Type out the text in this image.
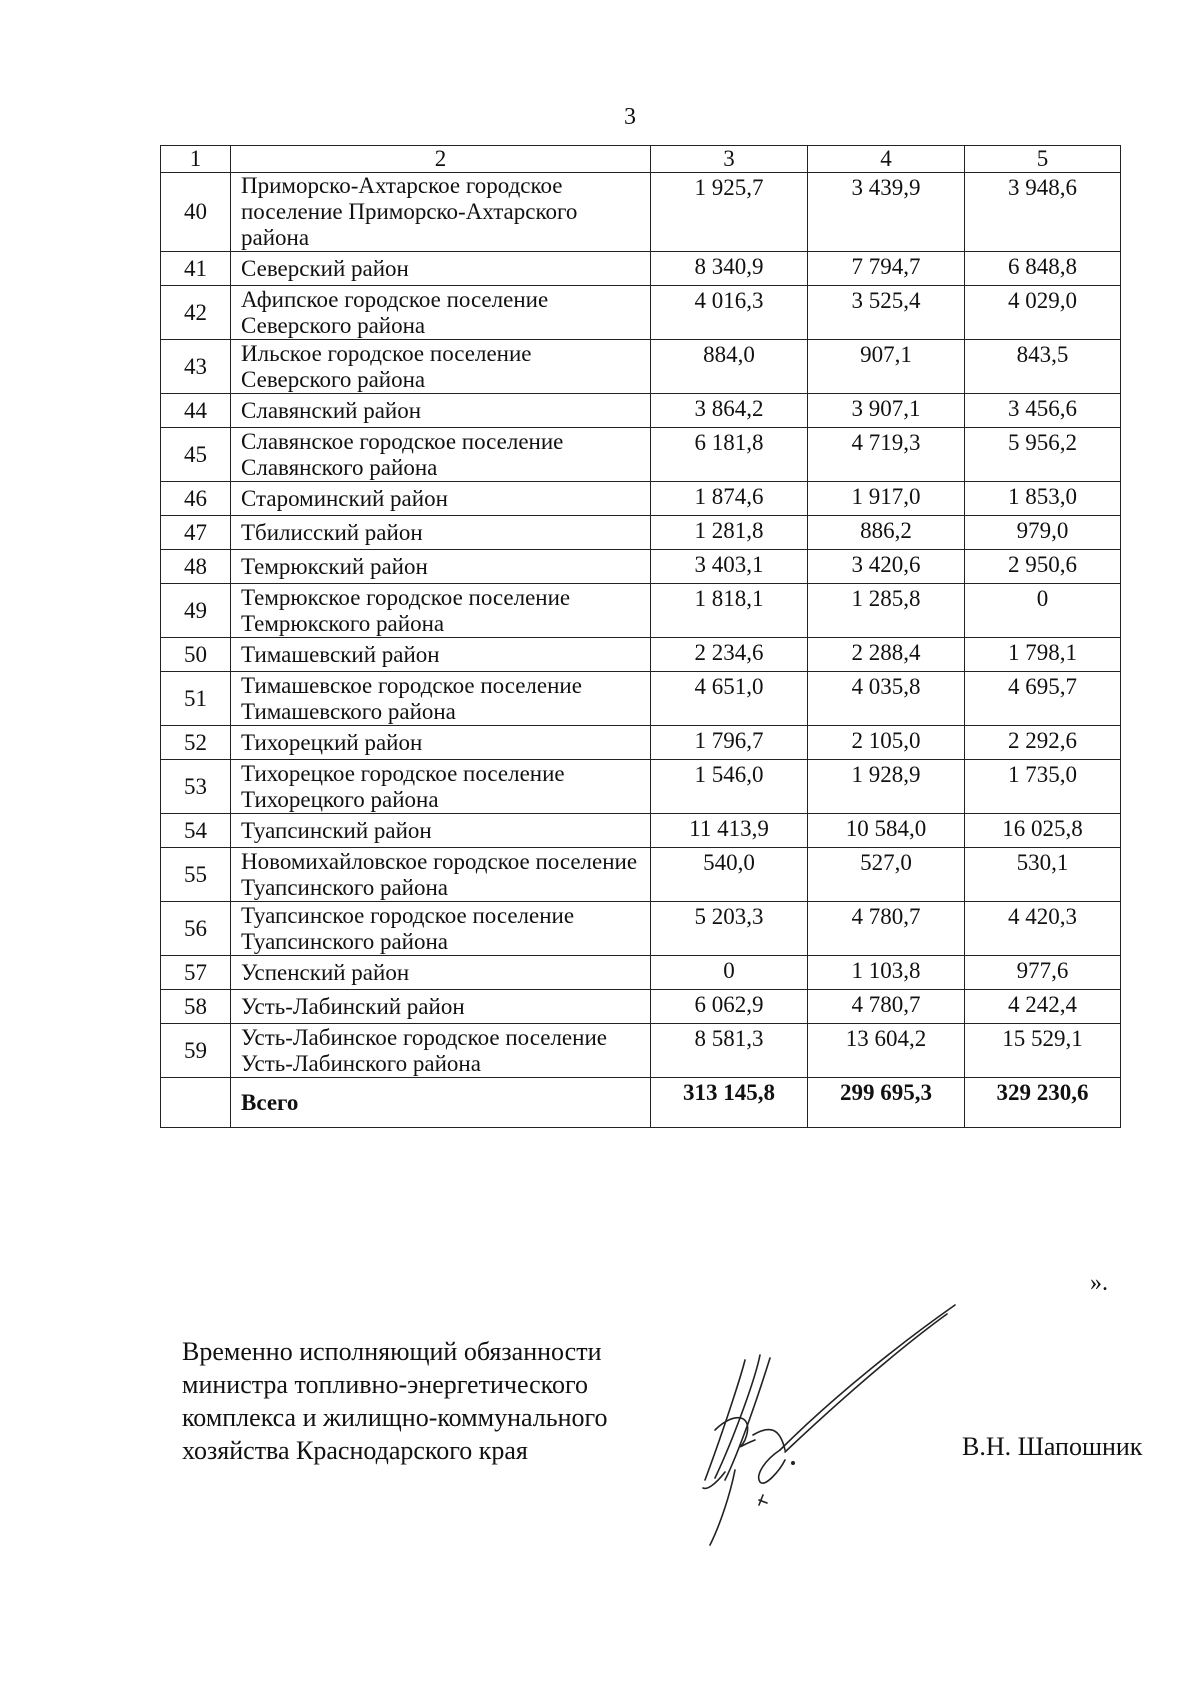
3
1	2	3	4	5
40	Приморско-Ахтарское городское поселение Приморско-Ахтарского района	1 925,7	3 439,9	3 948,6
41	Северский район	8 340,9	7 794,7	6 848,8
42	Афипское городское поселение Северского района	4 016,3	3 525,4	4 029,0
43	Ильское городское поселение Северского района	884,0	907,1	843,5
44	Славянский район	3 864,2	3 907,1	3 456,6
45	Славянское городское поселение Славянского района	6 181,8	4 719,3	5 956,2
46	Староминский район	1 874,6	1 917,0	1 853,0
47	Тбилисский район	1 281,8	886,2	979,0
48	Темрюкский район	3 403,1	3 420,6	2 950,6
49	Темрюкское городское поселение Темрюкского района	1 818,1	1 285,8	0
50	Тимашевский район	2 234,6	2 288,4	1 798,1
51	Тимашевское городское поселение Тимашевского района	4 651,0	4 035,8	4 695,7
52	Тихорецкий район	1 796,7	2 105,0	2 292,6
53	Тихорецкое городское поселение Тихорецкого района	1 546,0	1 928,9	1 735,0
54	Туапсинский район	11 413,9	10 584,0	16 025,8
55	Новомихайловское городское поселение Туапсинского района	540,0	527,0	530,1
56	Туапсинское городское поселение Туапсинского района	5 203,3	4 780,7	4 420,3
57	Успенский район	0	1 103,8	977,6
58	Усть-Лабинский район	6 062,9	4 780,7	4 242,4
59	Усть-Лабинское городское поселение Усть-Лабинского района	8 581,3	13 604,2	15 529,1
	Всего	313 145,8	299 695,3	329 230,6
».
Временно исполняющий обязанности
министра топливно-энергетического
комплекса и жилищно-коммунального
хозяйства Краснодарского края	В.Н. Шапошник
